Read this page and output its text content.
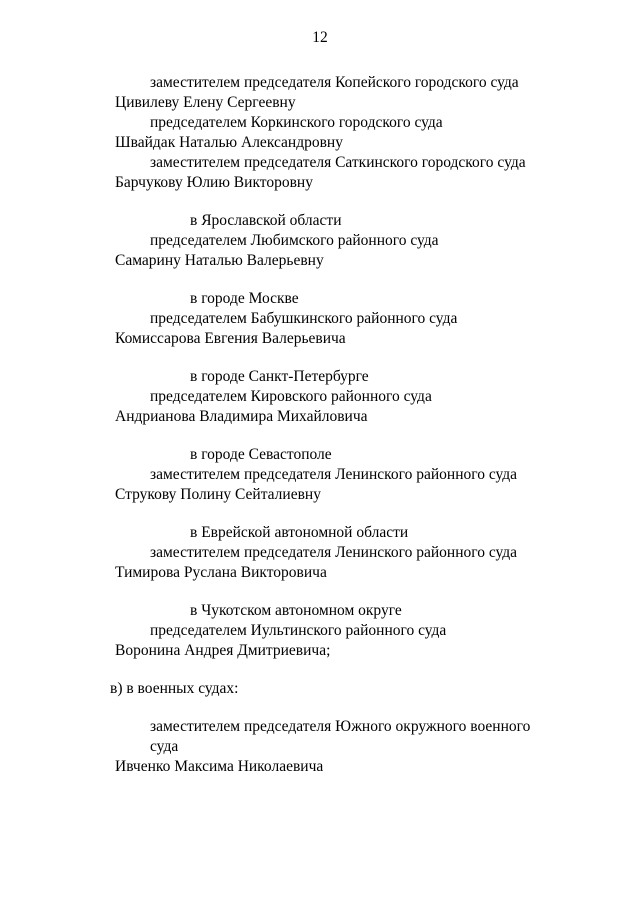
12
заместителем председателя Копейского городского суда
Цивилеву Елену Сергеевну
председателем Коркинского городского суда
Швайдак Наталью Александровну
заместителем председателя Саткинского городского суда
Барчукову Юлию Викторовну
в Ярославской области
председателем Любимского районного суда
Самарину Наталью Валерьевну
в городе Москве
председателем Бабушкинского районного суда
Комиссарова Евгения Валерьевича
в городе Санкт-Петербурге
председателем Кировского районного суда
Андрианова Владимира Михайловича
в городе Севастополе
заместителем председателя Ленинского районного суда
Струкову Полину Сейталиевну
в Еврейской автономной области
заместителем председателя Ленинского районного суда
Тимирова Руслана Викторовича
в Чукотском автономном округе
председателем Иультинского районного суда
Воронина Андрея Дмитриевича;
в) в военных судах:
заместителем председателя Южного окружного военного
суда
Ивченко Максима Николаевича
